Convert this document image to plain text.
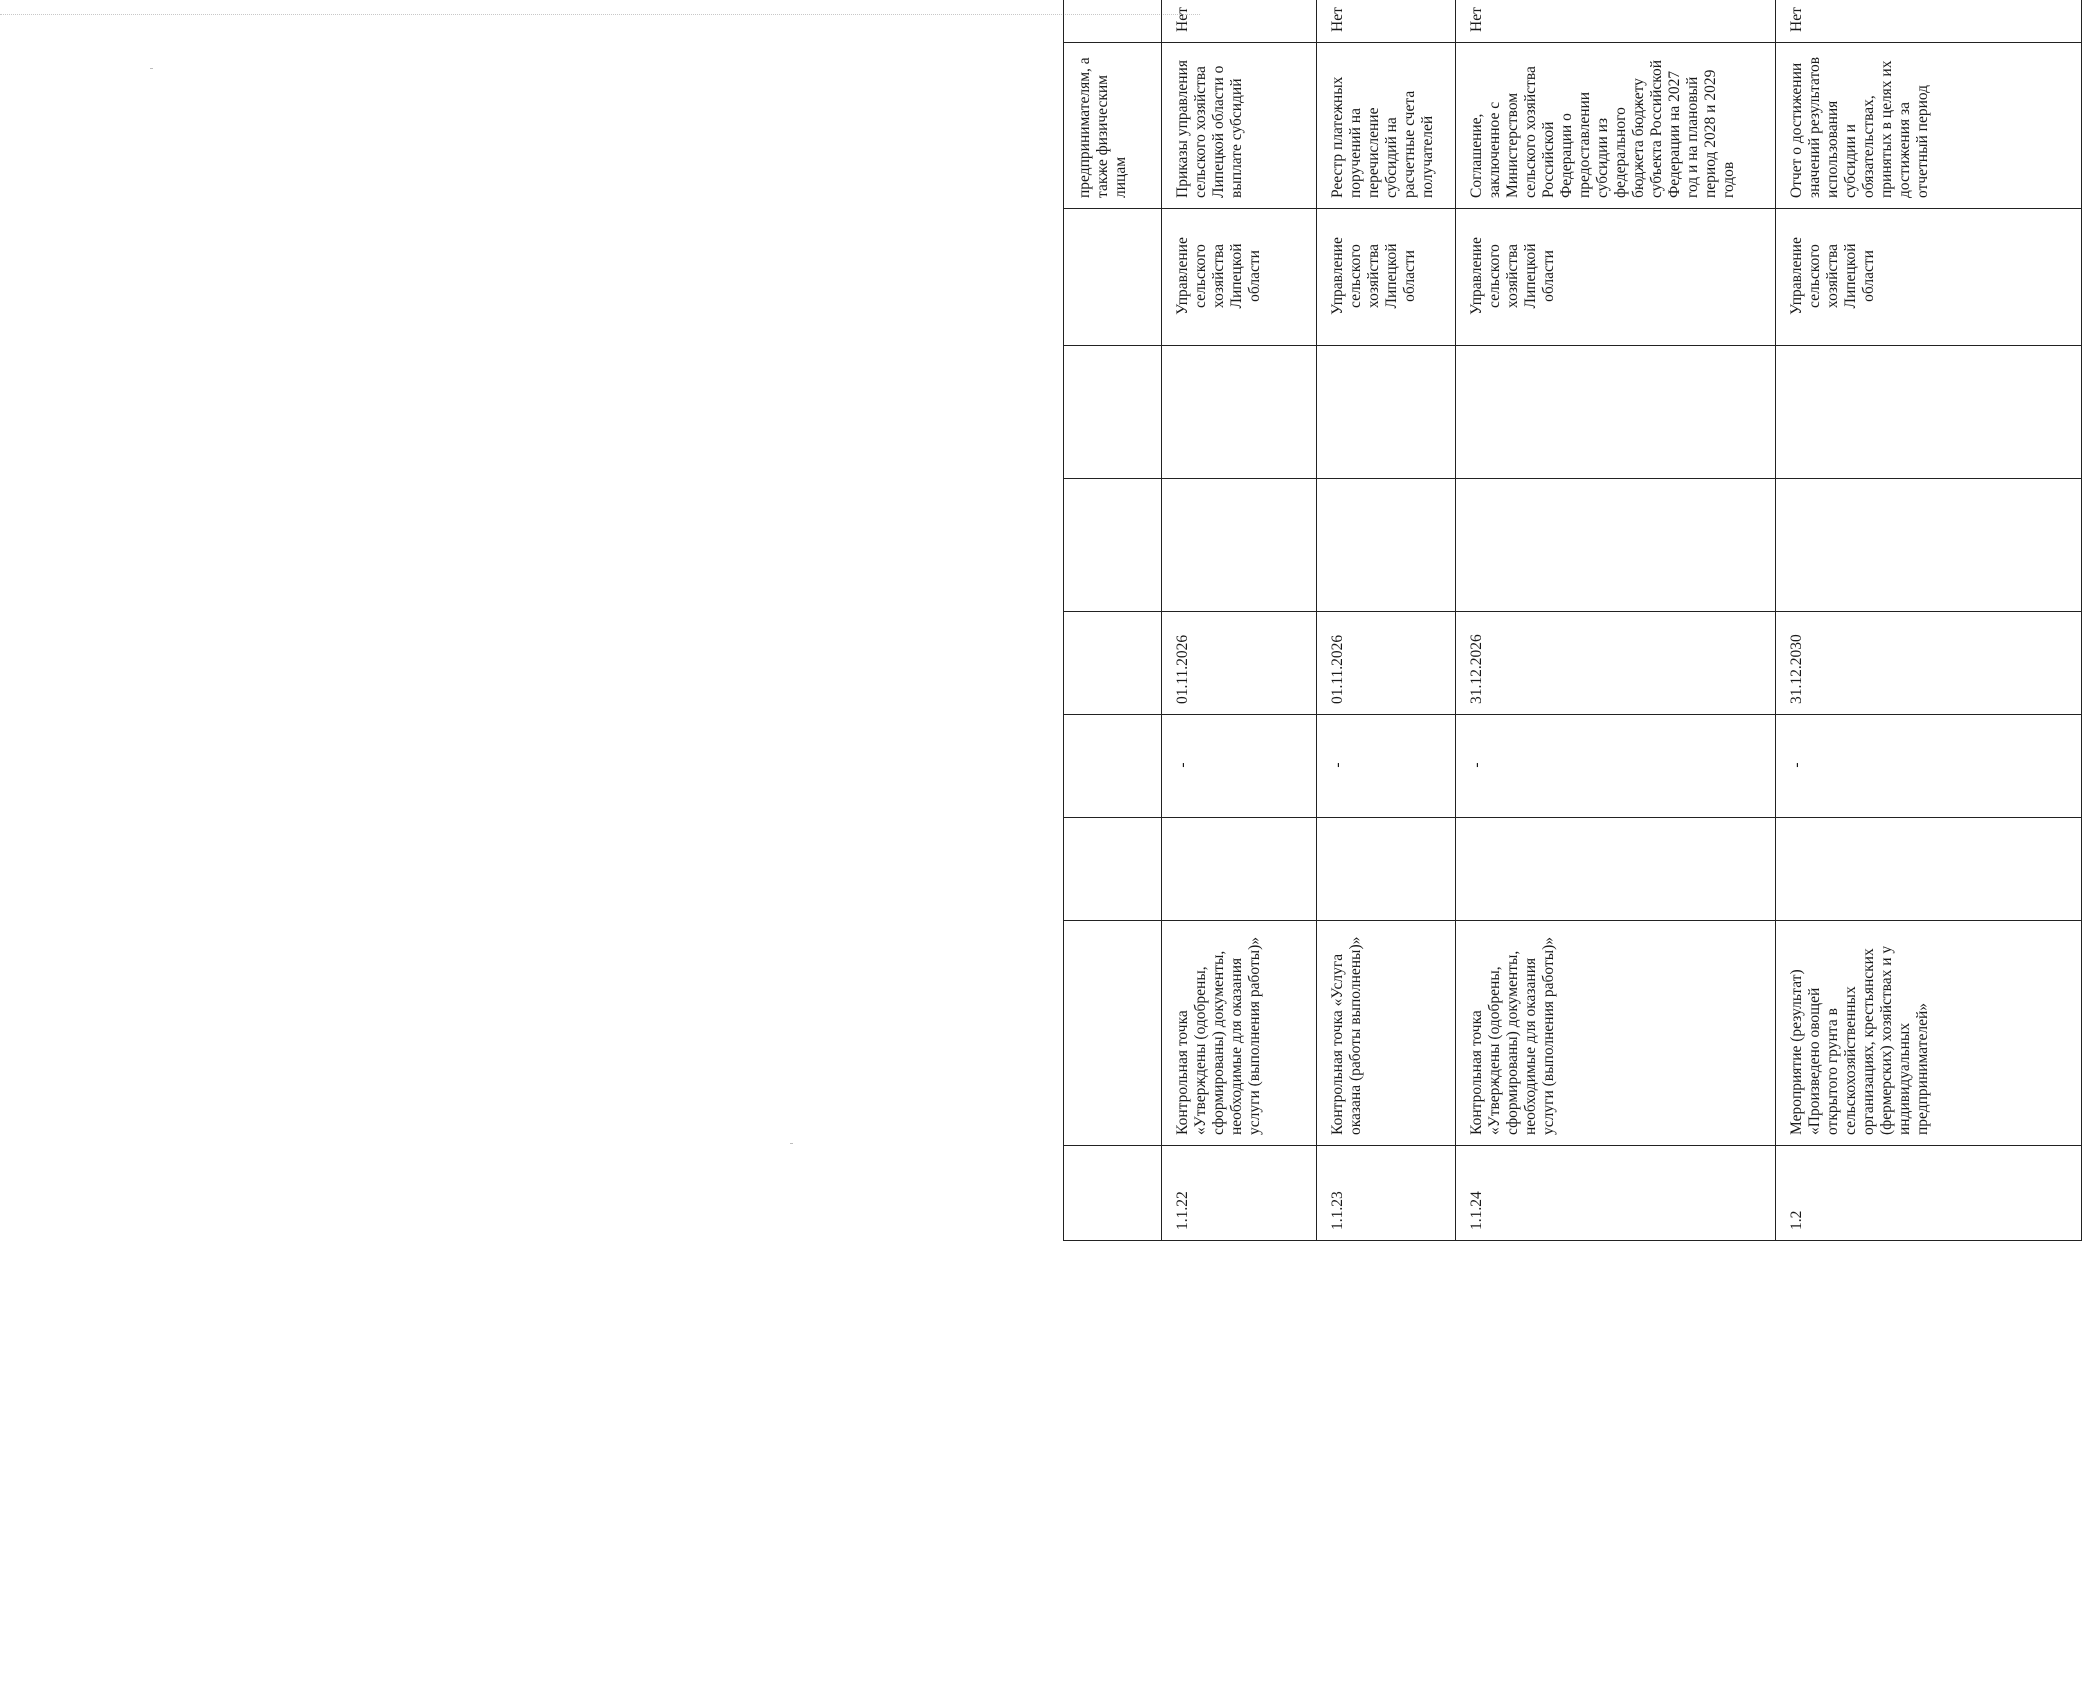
								предпринимателям, а также физическим лицам		
1.1.22	Контрольная точка «Утверждены (одобрены, сформированы) документы, необходимые для оказания услуги (выполнения работы)»		-	01.11.2026			Управление сельского хозяйства Липецкой области	Приказы управления сельского хозяйства Липецкой области о выплате субсидий	Нет	
1.1.23	Контрольная точка «Услуга оказана (работы выполнены)»		-	01.11.2026			Управление сельского хозяйства Липецкой области	Реестр платежных поручений на перечисление субсидий на расчетные счета получателей	Нет	
1.1.24	Контрольная точка «Утверждены (одобрены, сформированы) документы, необходимые для оказания услуги (выполнения работы)»		-	31.12.2026			Управление сельского хозяйства Липецкой области	Соглашение, заключенное с Министерством сельского хозяйства Российской Федерации о предоставлении субсидии из федерального бюджета бюджету субъекта Российской Федерации на 2027 год и на плановый период 2028 и 2029 годов	Нет	
1.2	Мероприятие (результат) «Произведено овощей открытого грунта в сельскохозяйственных организациях, крестьянских (фермерских) хозяйствах и у индивидуальных предпринимателей»		-	31.12.2030			Управление сельского хозяйства Липецкой области	Отчет о достижении значений результатов использования субсидии и обязательствах, принятых в целях их достижения за отчетный период	Нет	
